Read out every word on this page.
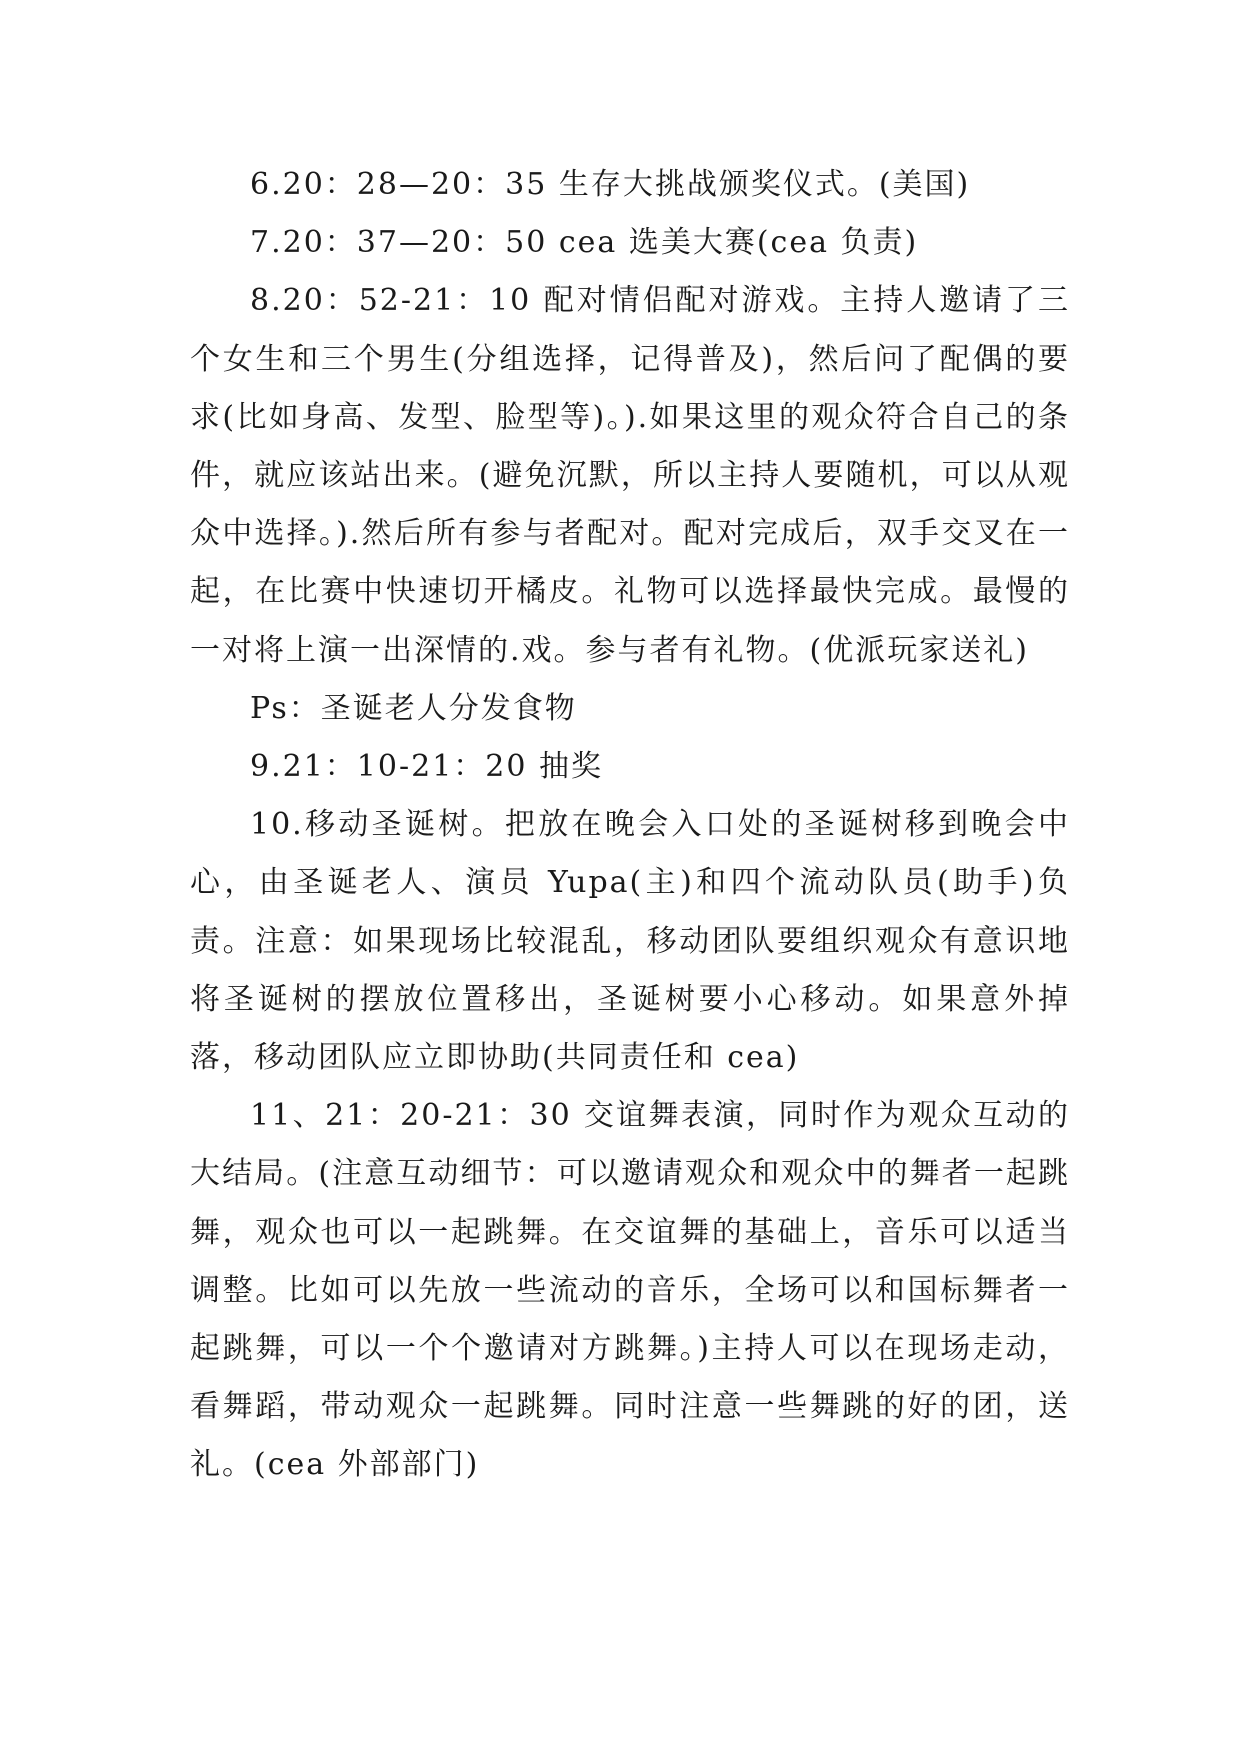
6.20：28—20：35 生存大挑战颁奖仪式。(美国)

7.20：37—20：50 cea 选美大赛(cea 负责)

8.20：52-21：10 配对情侣配对游戏。主持人邀请了三个女生和三个男生(分组选择，记得普及)，然后问了配偶的要求(比如身高、发型、脸型等)。).如果这里的观众符合自己的条件，就应该站出来。(避免沉默，所以主持人要随机，可以从观众中选择。).然后所有参与者配对。配对完成后，双手交叉在一起，在比赛中快速切开橘皮。礼物可以选择最快完成。最慢的一对将上演一出深情的.戏。参与者有礼物。(优派玩家送礼)

Ps：圣诞老人分发食物

9.21：10-21：20 抽奖

10.移动圣诞树。把放在晚会入口处的圣诞树移到晚会中心，由圣诞老人、演员 Yupa(主)和四个流动队员(助手)负责。注意：如果现场比较混乱，移动团队要组织观众有意识地将圣诞树的摆放位置移出，圣诞树要小心移动。如果意外掉落，移动团队应立即协助(共同责任和 cea)

11、21：20-21：30 交谊舞表演，同时作为观众互动的大结局。(注意互动细节：可以邀请观众和观众中的舞者一起跳舞，观众也可以一起跳舞。在交谊舞的基础上，音乐可以适当调整。比如可以先放一些流动的音乐，全场可以和国标舞者一起跳舞，可以一个个邀请对方跳舞。)主持人可以在现场走动，看舞蹈，带动观众一起跳舞。同时注意一些舞跳的好的团，送礼。(cea 外部部门)
